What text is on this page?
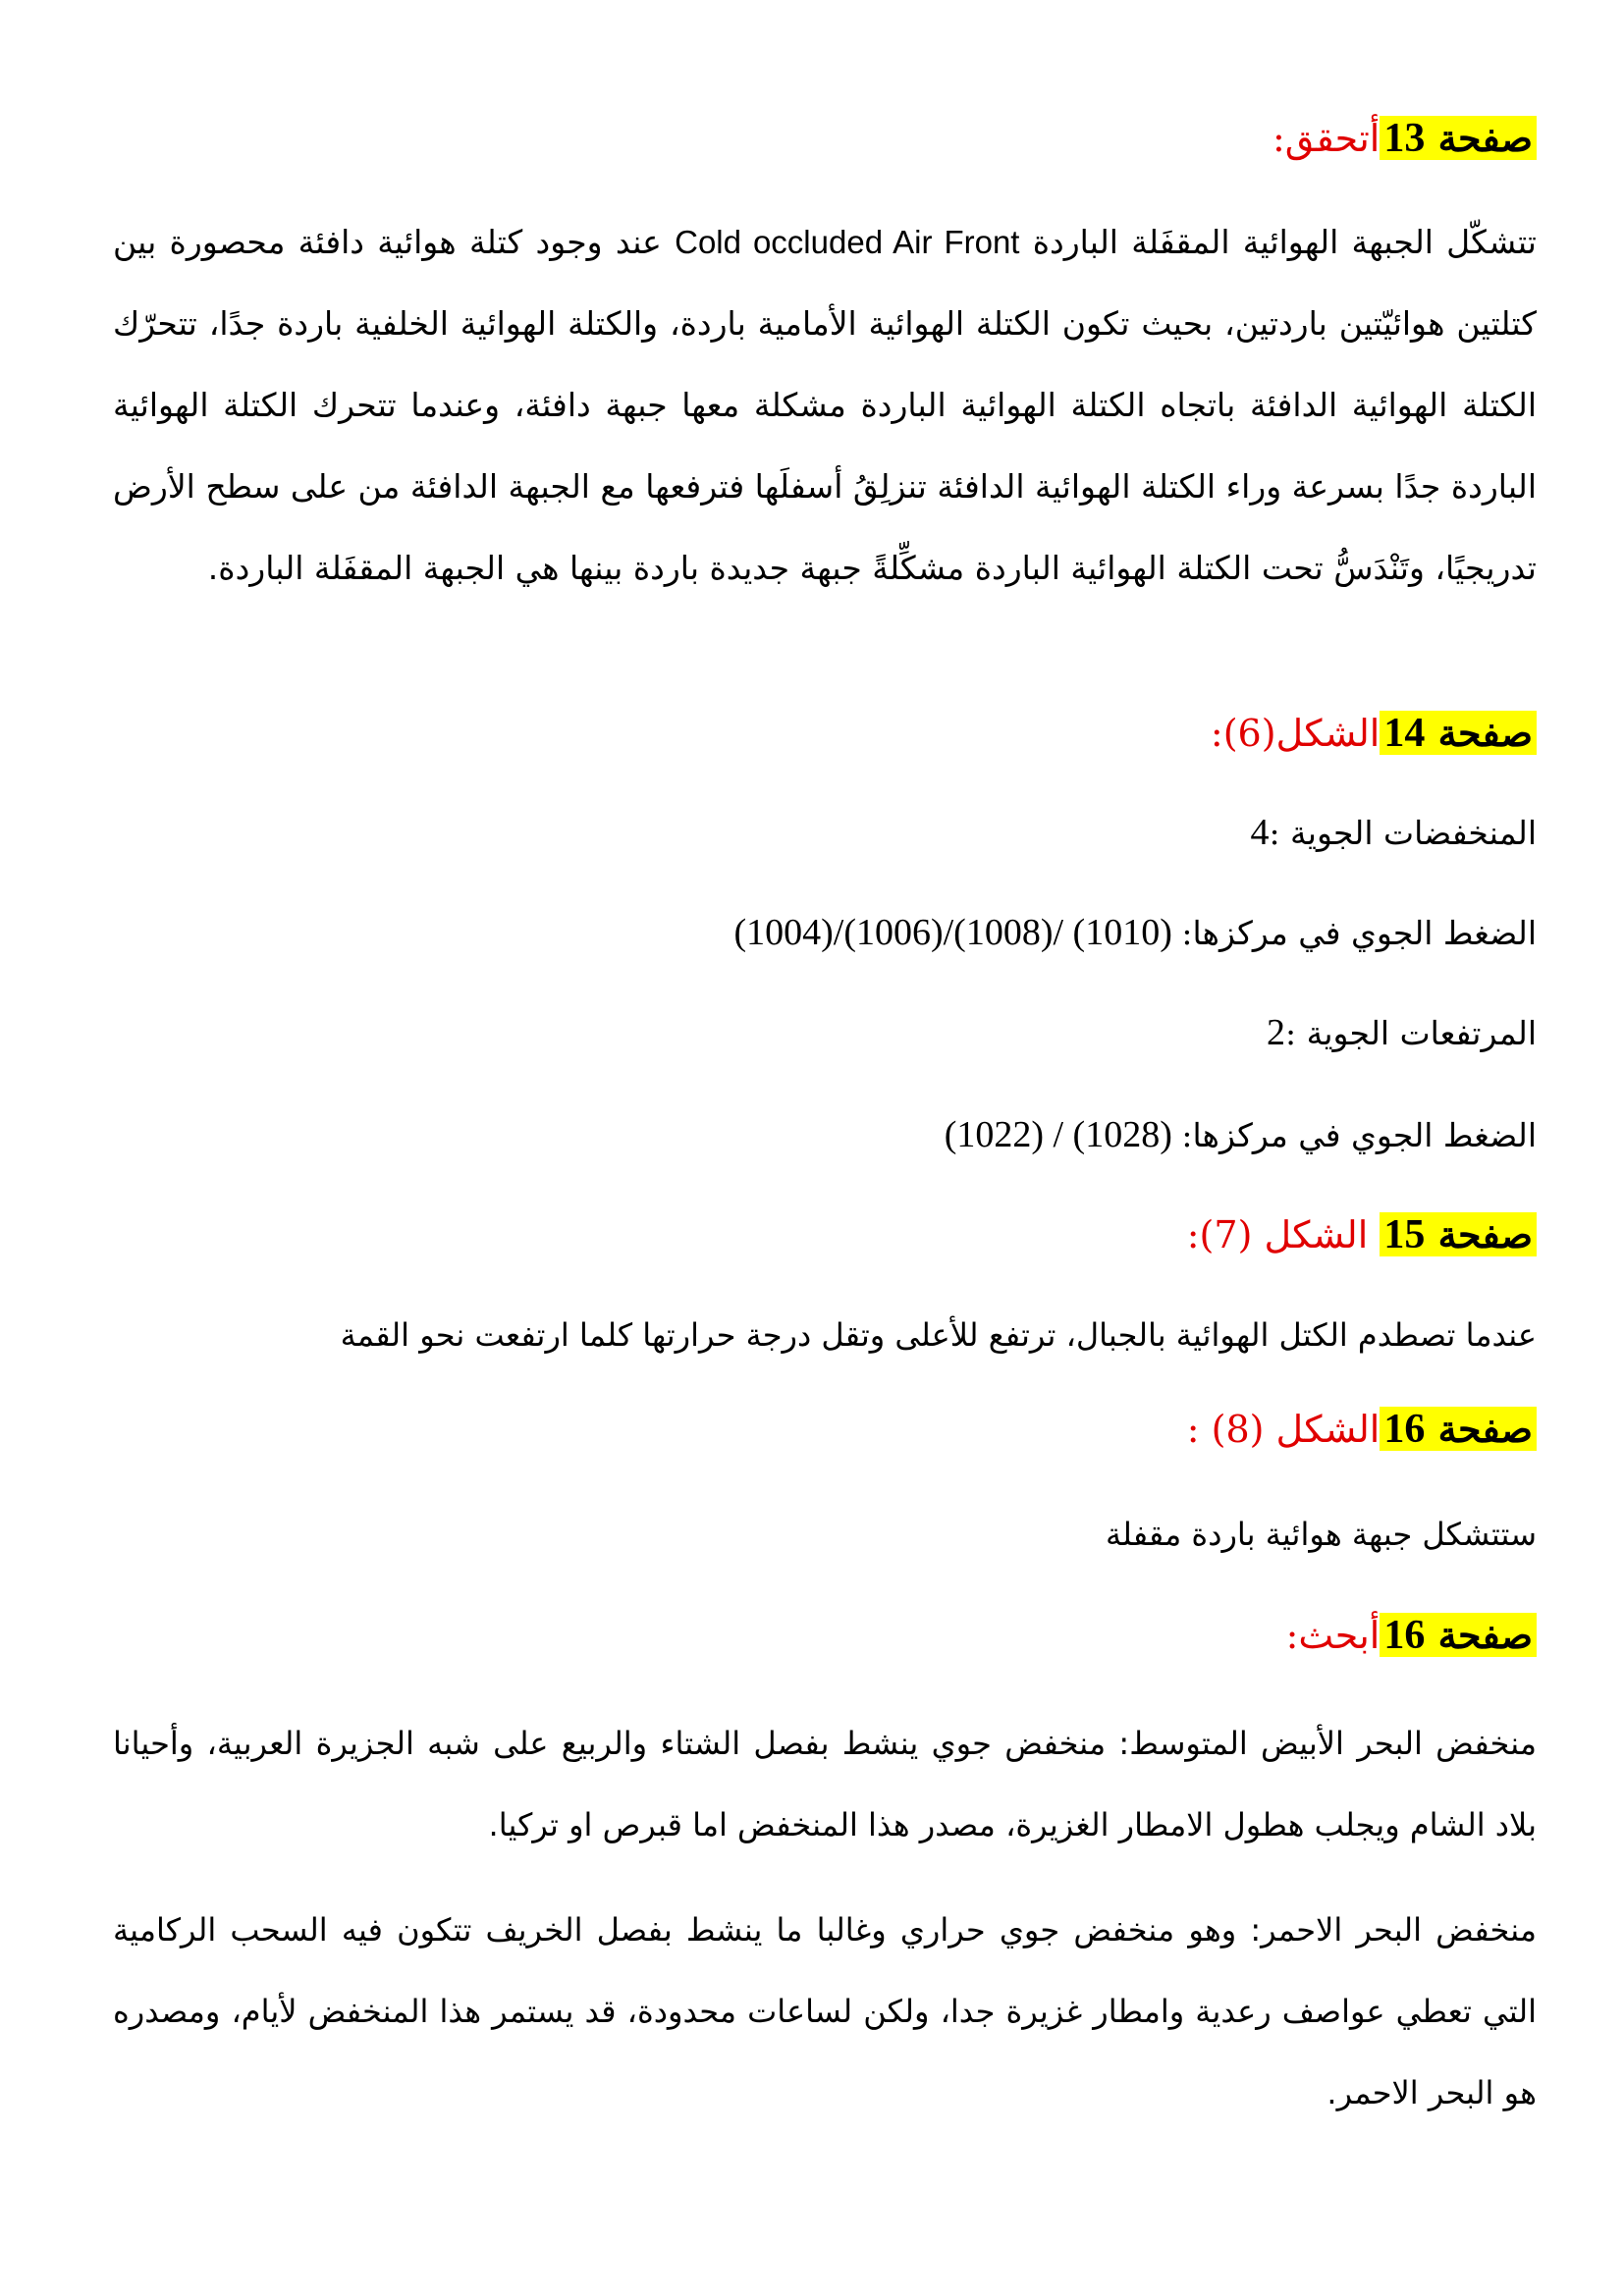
صفحة 13أتحقق:
تتشكّل الجبهة الهوائية المقفَلة الباردة Cold occluded Air Front عند وجود كتلة هوائية دافئة محصورة بين كتلتين هوائيّتين باردتين، بحيث تكون الكتلة الهوائية الأمامية باردة، والكتلة الهوائية الخلفية باردة جدًا، تتحرّك الكتلة الهوائية الدافئة باتجاه الكتلة الهوائية الباردة مشكلة معها جبهة دافئة، وعندما تتحرك الكتلة الهوائية الباردة جدًا بسرعة وراء الكتلة الهوائية الدافئة تنزلِقُ أسفلَها فترفعها مع الجبهة الدافئة من على سطح الأرض تدريجيًا، وتَنْدَسُّ تحت الكتلة الهوائية الباردة مشكِّلةً جبهة جديدة باردة بينها هي الجبهة المقفَلة الباردة.
صفحة 14الشكل(6):
المنخفضات الجوية :4
الضغط الجوي في مركزها: (1004)/(1006)/(1008)/ (1010)
المرتفعات الجوية :2
الضغط الجوي في مركزها: (1022) / (1028)
صفحة 15 الشكل (7):
عندما تصطدم الكتل الهوائية بالجبال، ترتفع للأعلى وتقل درجة حرارتها كلما ارتفعت نحو القمة
صفحة 16الشكل (8) :
ستتشكل جبهة هوائية باردة مقفلة
صفحة 16أبحث:
منخفض البحر الأبيض المتوسط: منخفض جوي ينشط بفصل الشتاء والربيع على شبه الجزيرة العربية، وأحيانا بلاد الشام ويجلب هطول الامطار الغزيرة، مصدر هذا المنخفض اما قبرص او تركيا.
منخفض البحر الاحمر: وهو منخفض جوي حراري وغالبا ما ينشط بفصل الخريف تتكون فيه السحب الركامية التي تعطي عواصف رعدية وامطار غزيرة جدا، ولكن لساعات محدودة، قد يستمر هذا المنخفض لأيام، ومصدره هو البحر الاحمر.
